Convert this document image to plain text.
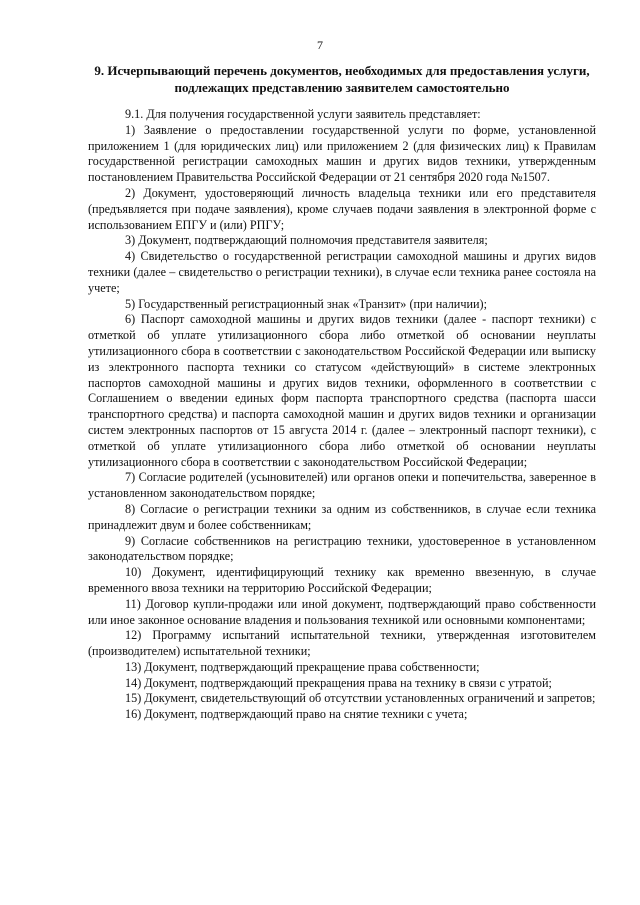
7
9. Исчерпывающий перечень документов, необходимых для предоставления услуги, подлежащих представлению заявителем самостоятельно

9.1. Для получения государственной услуги заявитель представляет:

1) Заявление о предоставлении государственной услуги по форме, установленной приложением 1 (для юридических лиц) или приложением 2 (для физических лиц) к Правилам государственной регистрации самоходных машин и других видов техники, утвержденным постановлением Правительства Российской Федерации от 21 сентября 2020 года №1507.

2) Документ, удостоверяющий личность владельца техники или его представителя (предъявляется при подаче заявления), кроме случаев подачи заявления в электронной форме с использованием ЕПГУ и (или) РПГУ;

3) Документ, подтверждающий полномочия представителя заявителя;

4) Свидетельство о государственной регистрации самоходной машины и других видов техники (далее – свидетельство о регистрации техники), в случае если техника ранее состояла на учете;

5) Государственный регистрационный знак «Транзит» (при наличии);

6) Паспорт самоходной машины и других видов техники (далее - паспорт техники) с отметкой об уплате утилизационного сбора либо отметкой об основании неуплаты утилизационного сбора в соответствии с законодательством Российской Федерации или выписку из электронного паспорта техники со статусом «действующий» в системе электронных паспортов самоходной машины и других видов техники, оформленного в соответствии с Соглашением о введении единых форм паспорта транспортного средства (паспорта шасси транспортного средства) и паспорта самоходной машин и других видов техники и организации систем электронных паспортов от 15 августа 2014 г. (далее – электронный паспорт техники), с отметкой об уплате утилизационного сбора либо отметкой об основании неуплаты утилизационного сбора в соответствии с законодательством Российской Федерации;

7) Согласие родителей (усыновителей) или органов опеки и попечительства, заверенное в установленном законодательством порядке;

8) Согласие о регистрации техники за одним из собственников, в случае если техника принадлежит двум и более собственникам;

9) Согласие собственников на регистрацию техники, удостоверенное в установленном законодательством порядке;

10) Документ, идентифицирующий технику как временно ввезенную, в случае временного ввоза техники на территорию Российской Федерации;

11) Договор купли-продажи или иной документ, подтверждающий право собственности или иное законное основание владения и пользования техникой или основными компонентами;

12) Программу испытаний испытательной техники, утвержденная изготовителем (производителем) испытательной техники;

13) Документ, подтверждающий прекращение права собственности;

14) Документ, подтверждающий прекращения права на технику в связи с утратой;

15) Документ, свидетельствующий об отсутствии установленных ограничений и запретов;

16) Документ, подтверждающий право на снятие техники с учета;
